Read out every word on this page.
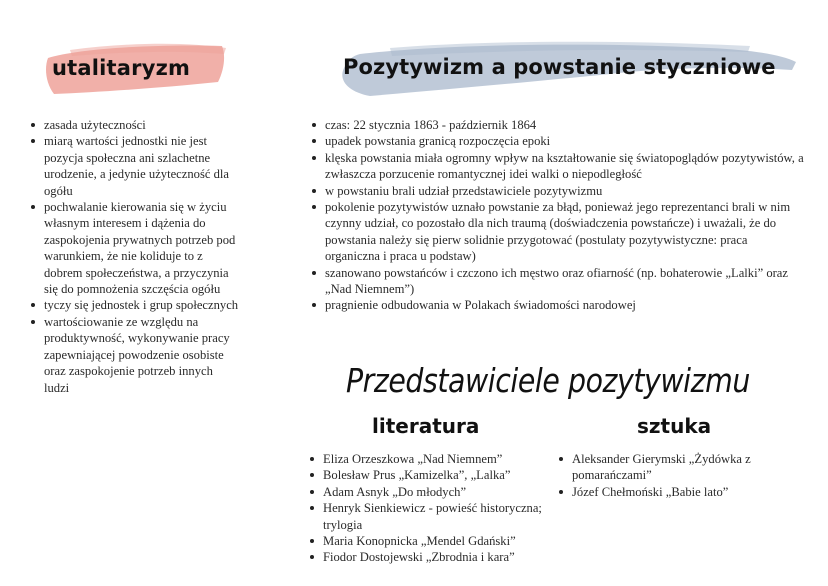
utalitaryzm	Pozytywizm a powstanie styczniowe
zasada użyteczności
miarą wartości jednostki nie jest pozycja społeczna ani szlachetne urodzenie, a jedynie użyteczność dla ogółu
pochwalanie kierowania się w życiu własnym interesem i dążenia do zaspokojenia prywatnych potrzeb pod warunkiem, że nie koliduje to z dobrem społeczeństwa, a przyczynia się do pomnożenia szczęścia ogółu
tyczy się jednostek i grup społecznych
wartościowanie ze względu na produktywność, wykonywanie pracy zapewniającej powodzenie osobiste oraz zaspokojenie potrzeb innych ludzi
czas: 22 stycznia 1863 - październik 1864
upadek powstania granicą rozpoczęcia epoki
klęska powstania miała ogromny wpływ na kształtowanie się światopoglądów pozytywistów, a zwłaszcza porzucenie romantycznej idei walki o niepodległość
w powstaniu brali udział przedstawiciele pozytywizmu
pokolenie pozytywistów uznało powstanie za błąd, ponieważ jego reprezentanci brali w nim czynny udział, co pozostało dla nich traumą (doświadczenia powstańcze) i uważali, że do powstania należy się pierw solidnie przygotować (postulaty pozytywistyczne: praca organiczna i praca u podstaw)
szanowano powstańców i czczono ich męstwo oraz ofiarność (np. bohaterowie „Lalki” oraz „Nad Niemnem”)
pragnienie odbudowania w Polakach świadomości narodowej
Przedstawiciele pozytywizmu
literatura	sztuka
Eliza Orzeszkowa „Nad Niemnem”
Bolesław Prus „Kamizelka”, „Lalka”
Adam Asnyk „Do młodych”
Henryk Sienkiewicz - powieść historyczna; trylogia
Maria Konopnicka „Mendel Gdański”
Fiodor Dostojewski „Zbrodnia i kara”
Aleksander Gierymski „Żydówka z pomarańczami”
Józef Chełmoński „Babie lato”
